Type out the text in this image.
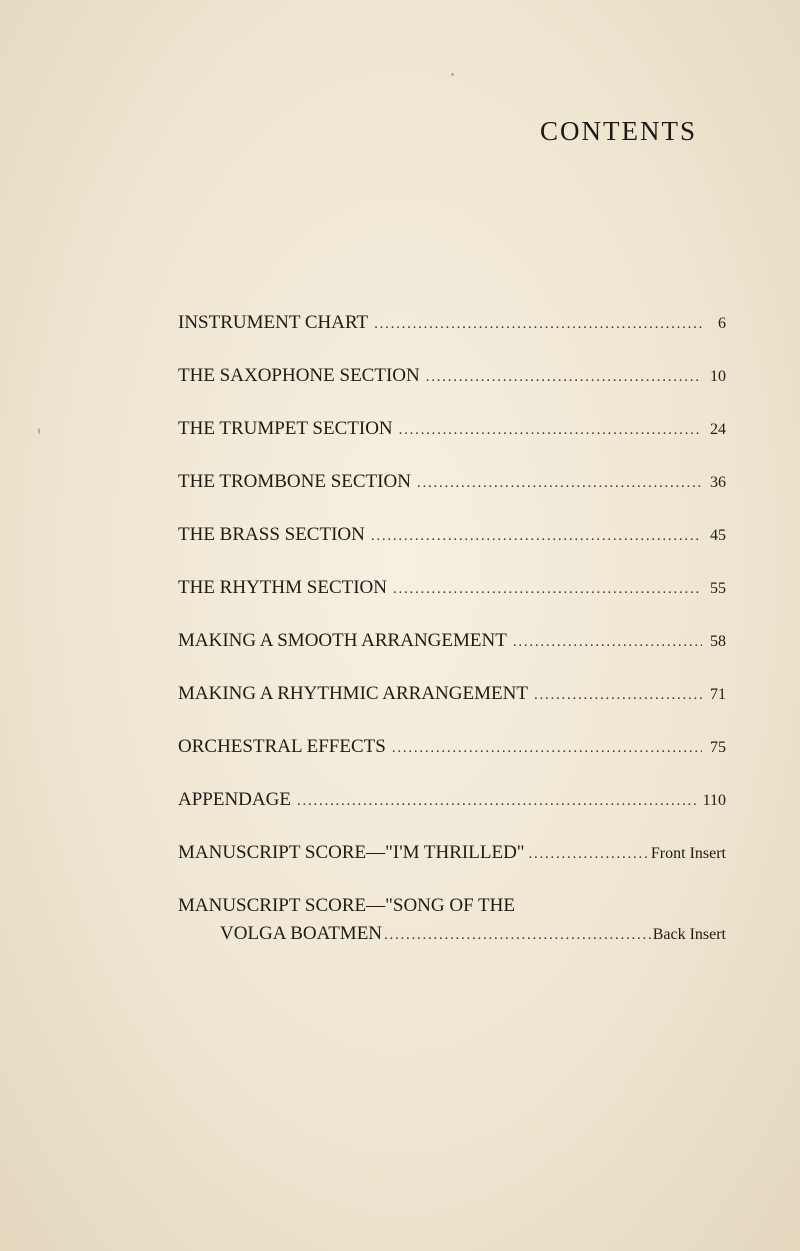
CONTENTS
INSTRUMENT CHART . . .	6
THE SAXOPHONE SECTION . . .	10
THE TRUMPET SECTION . . .	24
THE TROMBONE SECTION . . .	36
THE BRASS SECTION . . .	45
THE RHYTHM SECTION . . .	55
MAKING A SMOOTH ARRANGEMENT . . .	58
MAKING A RHYTHMIC ARRANGEMENT . . .	71
ORCHESTRAL EFFECTS . . .	75
APPENDAGE . . .	110
MANUSCRIPT SCORE—"I'M THRILLED" . . .	Front Insert
MANUSCRIPT SCORE—"SONG OF THE
VOLGA BOATMEN . . .	Back Insert
